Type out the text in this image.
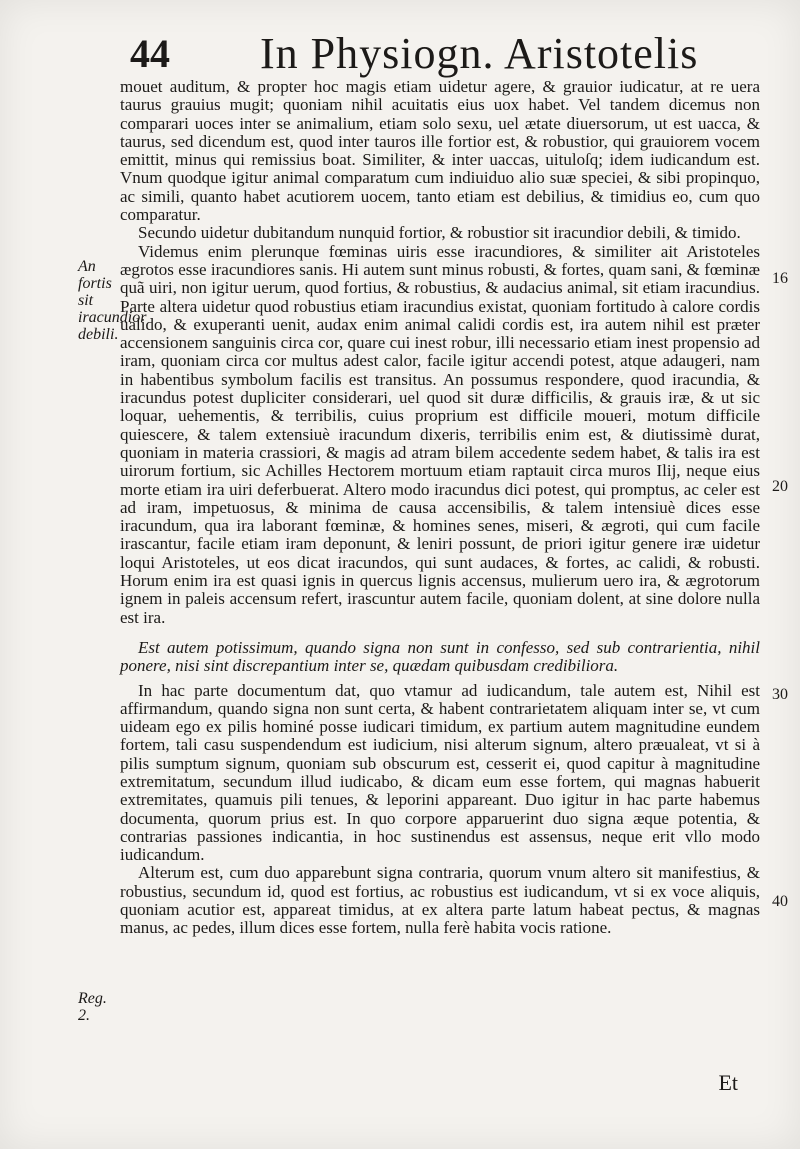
44 In Physiogn. Aristotelis
An fortis sit iracundior debili.
Reg. 2.
16
20
30
40

mouet auditum, & propter hoc magis etiam uidetur agere, & grauior iudicatur, at re uera taurus grauius mugit; quoniam nihil acuitatis eius uox habet. Vel tandem dicemus non comparari uoces inter se animalium, etiam solo sexu, uel ætate diuersorum, ut est uacca, & taurus, sed dicendum est, quod inter tauros ille fortior est, & robustior, qui grauiorem vocem emittit, minus qui remissius boat. Similiter, & inter uaccas, uituloſq; idem iudicandum est. Vnum quodque igitur animal comparatum cum indiuiduo alio suæ speciei, & sibi propinquo, ac simili, quanto habet acutiorem uocem, tanto etiam est debilius, & timidius eo, cum quo comparatur.

Secundo uidetur dubitandum nunquid fortior, & robustior sit iracundior debili, & timido.

Videmus enim plerunque fœminas uiris esse iracundiores, & similiter ait Aristoteles ægrotos esse iracundiores sanis. Hi autem sunt minus robusti, & fortes, quam sani, & fœminæ quã uiri, non igitur uerum, quod fortius, & robustius, & audacius animal, sit etiam iracundius. Parte altera uidetur quod robustius etiam iracundius existat, quoniam fortitudo à calore cordis ualido, & exuperanti uenit, audax enim animal calidi cordis est, ira autem nihil est præter accensionem sanguinis circa cor, quare cui inest robur, illi necessario etiam inest propensio ad iram, quoniam circa cor multus adest calor, facile igitur accendi potest, atque adaugeri, nam in habentibus symbolum facilis est transitus. An possumus respondere, quod iracundia, & iracundus potest dupliciter considerari, uel quod sit duræ difficilis, & grauis iræ, & ut sic loquar, uehementis, & terribilis, cuius proprium est difficile moueri, motum difficile quiescere, & talem extensiuè iracundum dixeris, terribilis enim est, & diutissimè durat, quoniam in materia crassiori, & magis ad atram bilem accedente sedem habet, & talis ira est uirorum fortium, sic Achilles Hectorem mortuum etiam raptauit circa muros Ilij, neque eius morte etiam ira uiri deferbuerat. Altero modo iracundus dici potest, qui promptus, ac celer est ad iram, impetuosus, & minima de causa accensibilis, & talem intensiuè dices esse iracundum, qua ira laborant fœminæ, & homines senes, miseri, & ægroti, qui cum facile irascantur, facile etiam iram deponunt, & leniri possunt, de priori igitur genere iræ uidetur loqui Aristoteles, ut eos dicat iracundos, qui sunt audaces, & fortes, ac calidi, & robusti. Horum enim ira est quasi ignis in quercus lignis accensus, mulierum uero ira, & ægrotorum ignem in paleis accensum refert, irascuntur autem facile, quoniam dolent, at sine dolore nulla est ira.

Est autem potissimum, quando signa non sunt in confesso, sed sub contrarientia, nihil ponere, nisi sint discrepantium inter se, quædam quibusdam credibiliora.

In hac parte documentum dat, quo vtamur ad iudicandum, tale autem est, Nihil est affirmandum, quando signa non sunt certa, & habent contrarietatem aliquam inter se, vt cum uideam ego ex pilis hominé posse iudicari timidum, ex partium autem magnitudine eundem fortem, tali casu suspendendum est iudicium, nisi alterum signum, altero præualeat, vt si à pilis sumptum signum, quoniam sub obscurum est, cesserit ei, quod capitur à magnitudine extremitatum, secundum illud iudicabo, & dicam eum esse fortem, qui magnas habuerit extremitates, quamuis pili tenues, & leporini appareant. Duo igitur in hac parte habemus documenta, quorum prius est. In quo corpore apparuerint duo signa æque potentia, & contrarias passiones indicantia, in hoc sustinendus est assensus, neque erit vllo modo iudicandum.

Alterum est, cum duo apparebunt signa contraria, quorum vnum altero sit manifestius, & robustius, secundum id, quod est fortius, ac robustius est iudicandum, vt si ex voce aliquis, quoniam acutior est, appareat timidus, at ex altera parte latum habeat pectus, & magnas manus, ac pedes, illum dices esse fortem, nulla ferè habita vocis ratione.

Et
